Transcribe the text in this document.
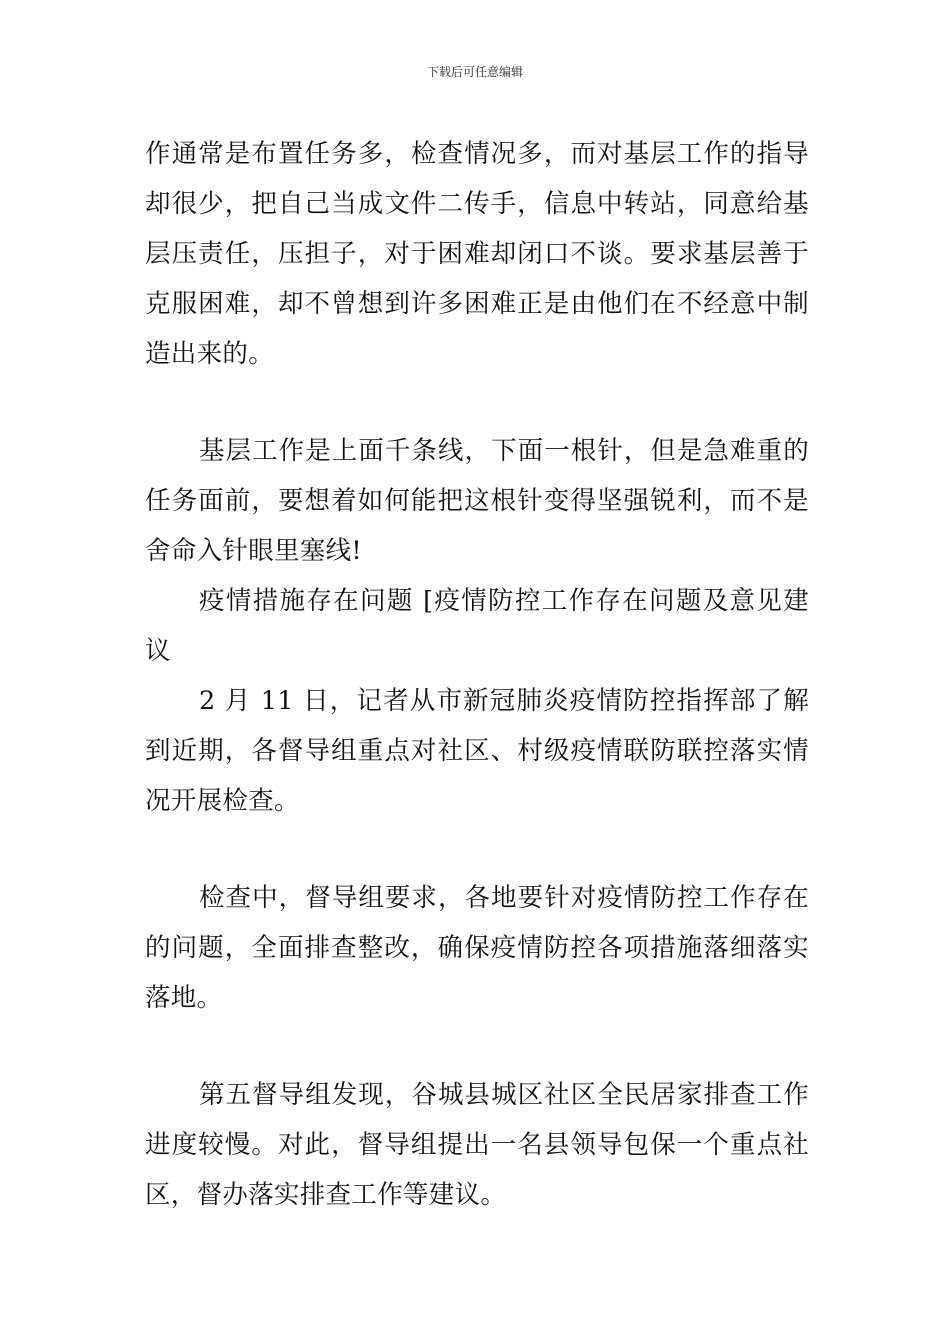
下载后可任意编辑

作通常是布置任务多，检查情况多，而对基层工作的指导却很少，把自己当成文件二传手，信息中转站，同意给基层压责任，压担子，对于困难却闭口不谈。要求基层善于克服困难，却不曾想到许多困难正是由他们在不经意中制造出来的。

基层工作是上面千条线，下面一根针，但是急难重的任务面前，要想着如何能把这根针变得坚强锐利，而不是舍命入针眼里塞线!

疫情措施存在问题 [疫情防控工作存在问题及意见建议

2 月 11 日，记者从市新冠肺炎疫情防控指挥部了解到近期，各督导组重点对社区、村级疫情联防联控落实情况开展检查。

检查中，督导组要求，各地要针对疫情防控工作存在的问题，全面排查整改，确保疫情防控各项措施落细落实落地。

第五督导组发现，谷城县城区社区全民居家排查工作进度较慢。对此，督导组提出一名县领导包保一个重点社区，督办落实排查工作等建议。
